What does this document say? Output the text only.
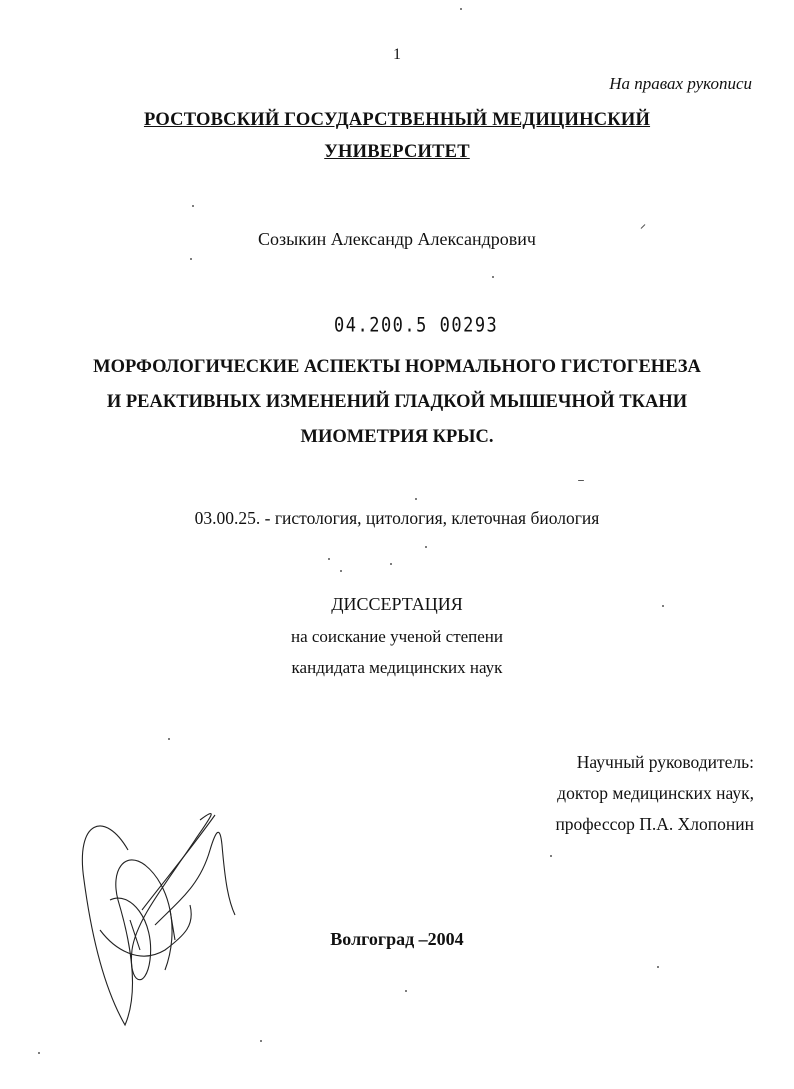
1
На правах рукописи
РОСТОВСКИЙ ГОСУДАРСТВЕННЫЙ МЕДИЦИНСКИЙ
УНИВЕРСИТЕТ
Созыкин Александр Александрович
04.200.5 00293
МОРФОЛОГИЧЕСКИЕ АСПЕКТЫ НОРМАЛЬНОГО ГИСТОГЕНЕЗА
И РЕАКТИВНЫХ ИЗМЕНЕНИЙ ГЛАДКОЙ МЫШЕЧНОЙ ТКАНИ
МИОМЕТРИЯ КРЫС.
03.00.25. - гистология, цитология, клеточная биология
ДИССЕРТАЦИЯ
на соискание ученой степени
кандидата медицинских наук
Научный руководитель:
доктор медицинских наук,
профессор П.А. Хлопонин
Волгоград –2004
